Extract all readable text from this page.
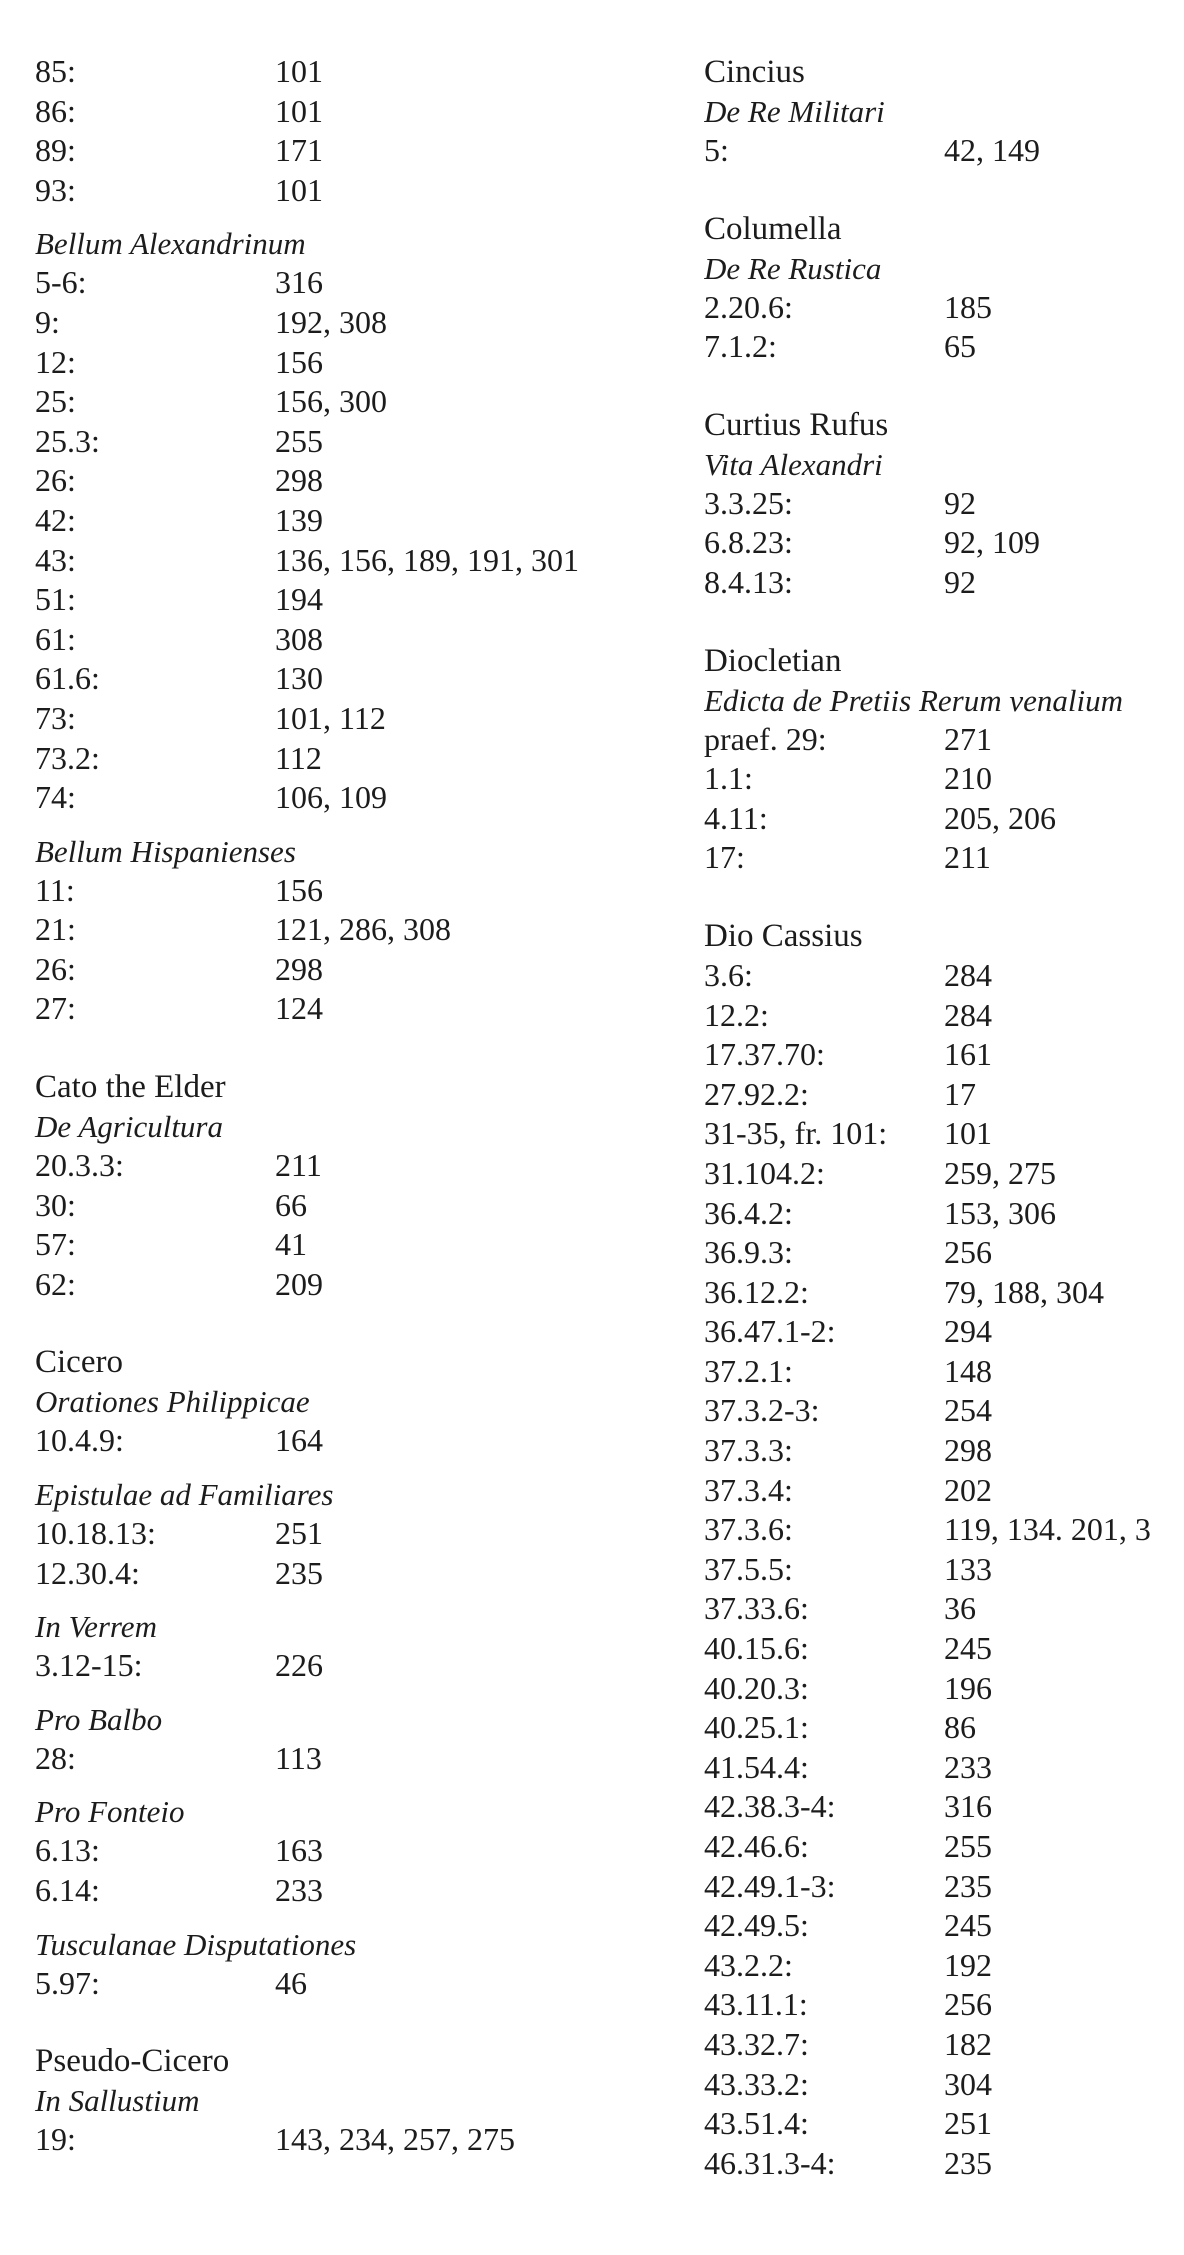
85:	101
86:	101
89:	171
93:	101
Bellum Alexandrinum
5-6:	316
9:	192, 308
12:	156
25:	156, 300
25.3:	255
26:	298
42:	139
43:	136, 156, 189, 191, 301
51:	194
61:	308
61.6:	130
73:	101, 112
73.2:	112
74:	106, 109
Bellum Hispanienses
11:	156
21:	121, 286, 308
26:	298
27:	124
Cato the Elder
De Agricultura
20.3.3:	211
30:	66
57:	41
62:	209
Cicero
Orationes Philippicae
10.4.9:	164
Epistulae ad Familiares
10.18.13:	251
12.30.4:	235
In Verrem
3.12-15:	226
Pro Balbo
28:	113
Pro Fonteio
6.13:	163
6.14:	233
Tusculanae Disputationes
5.97:	46
Pseudo-Cicero
In Sallustium
19:	143, 234, 257, 275
Cincius
De Re Militari
5:	42, 149
Columella
De Re Rustica
2.20.6:	185
7.1.2:	65
Curtius Rufus
Vita Alexandri
3.3.25:	92
6.8.23:	92, 109
8.4.13:	92
Diocletian
Edicta de Pretiis Rerum venalium
praef. 29:	271
1.1:	210
4.11:	205, 206
17:	211
Dio Cassius
3.6:	284
12.2:	284
17.37.70:	161
27.92.2:	17
31-35, fr. 101: 101
31.104.2:	259, 275
36.4.2:	153, 306
36.9.3:	256
36.12.2:	79, 188, 304
36.47.1-2:	294
37.2.1:	148
37.3.2-3:	254
37.3.3:	298
37.3.4:	202
37.3.6:	119, 134. 201, 3
37.5.5:	133
37.33.6:	36
40.15.6:	245
40.20.3:	196
40.25.1:	86
41.54.4:	233
42.38.3-4:	316
42.46.6:	255
42.49.1-3:	235
42.49.5:	245
43.2.2:	192
43.11.1:	256
43.32.7:	182
43.33.2:	304
43.51.4:	251
46.31.3-4:	235
